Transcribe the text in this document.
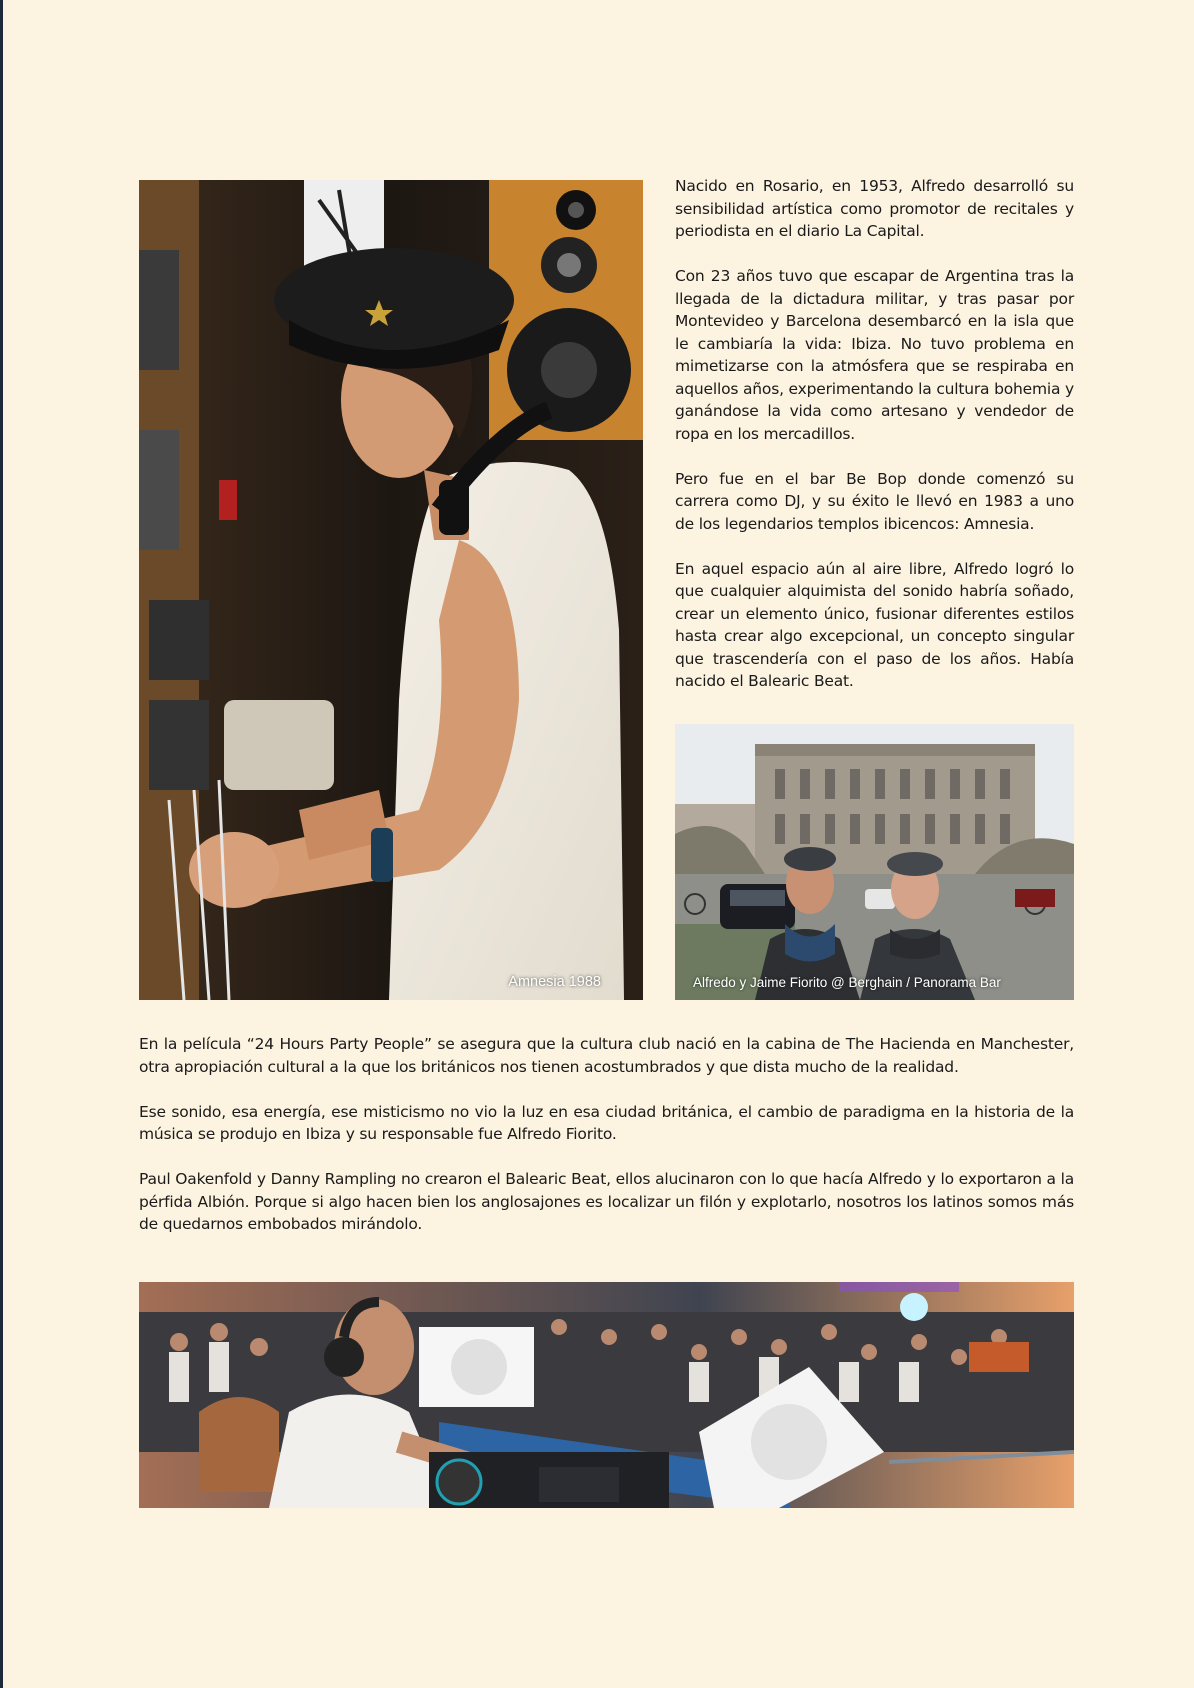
Amnesia 1988

Nacido en Rosario, en 1953, Alfredo desarrolló su sensibilidad artística como promotor de recitales y periodista en el diario La Capital.

Con 23 años tuvo que escapar de Argentina tras la llegada de la dictadura militar, y tras pasar por Montevideo y Barcelona desembarcó en la isla que le cambiaría la vida: Ibiza. No tuvo problema en mimetizarse con la atmósfera que se respiraba en aquellos años, experimentando la cultura bohemia y ganándose la vida como artesano y vendedor de ropa en los mercadillos.

Pero fue en el bar Be Bop donde comenzó su carrera como DJ, y su éxito le llevó en 1983 a uno de los legendarios templos ibicencos: Amnesia.

En aquel espacio aún al aire libre, Alfredo logró lo que cualquier alquimista del sonido habría soñado, crear un elemento único, fusionar diferentes estilos hasta crear algo excepcional, un concepto singular que trascendería con el paso de los años. Había nacido el Balearic Beat.

Alfredo y Jaime Fiorito @ Berghain / Panorama Bar

En la película “24 Hours Party People” se asegura que la cultura club nació en la cabina de The Hacienda en Manchester, otra apropiación cultural a la que los británicos nos tienen acostumbrados y que dista mucho de la realidad.

Ese sonido, esa energía, ese misticismo no vio la luz en esa ciudad británica, el cambio de paradigma en la historia de la música se produjo en Ibiza y su responsable fue Alfredo Fiorito.

Paul Oakenfold y Danny Rampling no crearon el Balearic Beat, ellos alucinaron con lo que hacía Alfredo y lo exportaron a la pérfida Albión. Porque si algo hacen bien los anglosajones es localizar un filón y explotarlo, nosotros los latinos somos más de quedarnos embobados mirándolo.
